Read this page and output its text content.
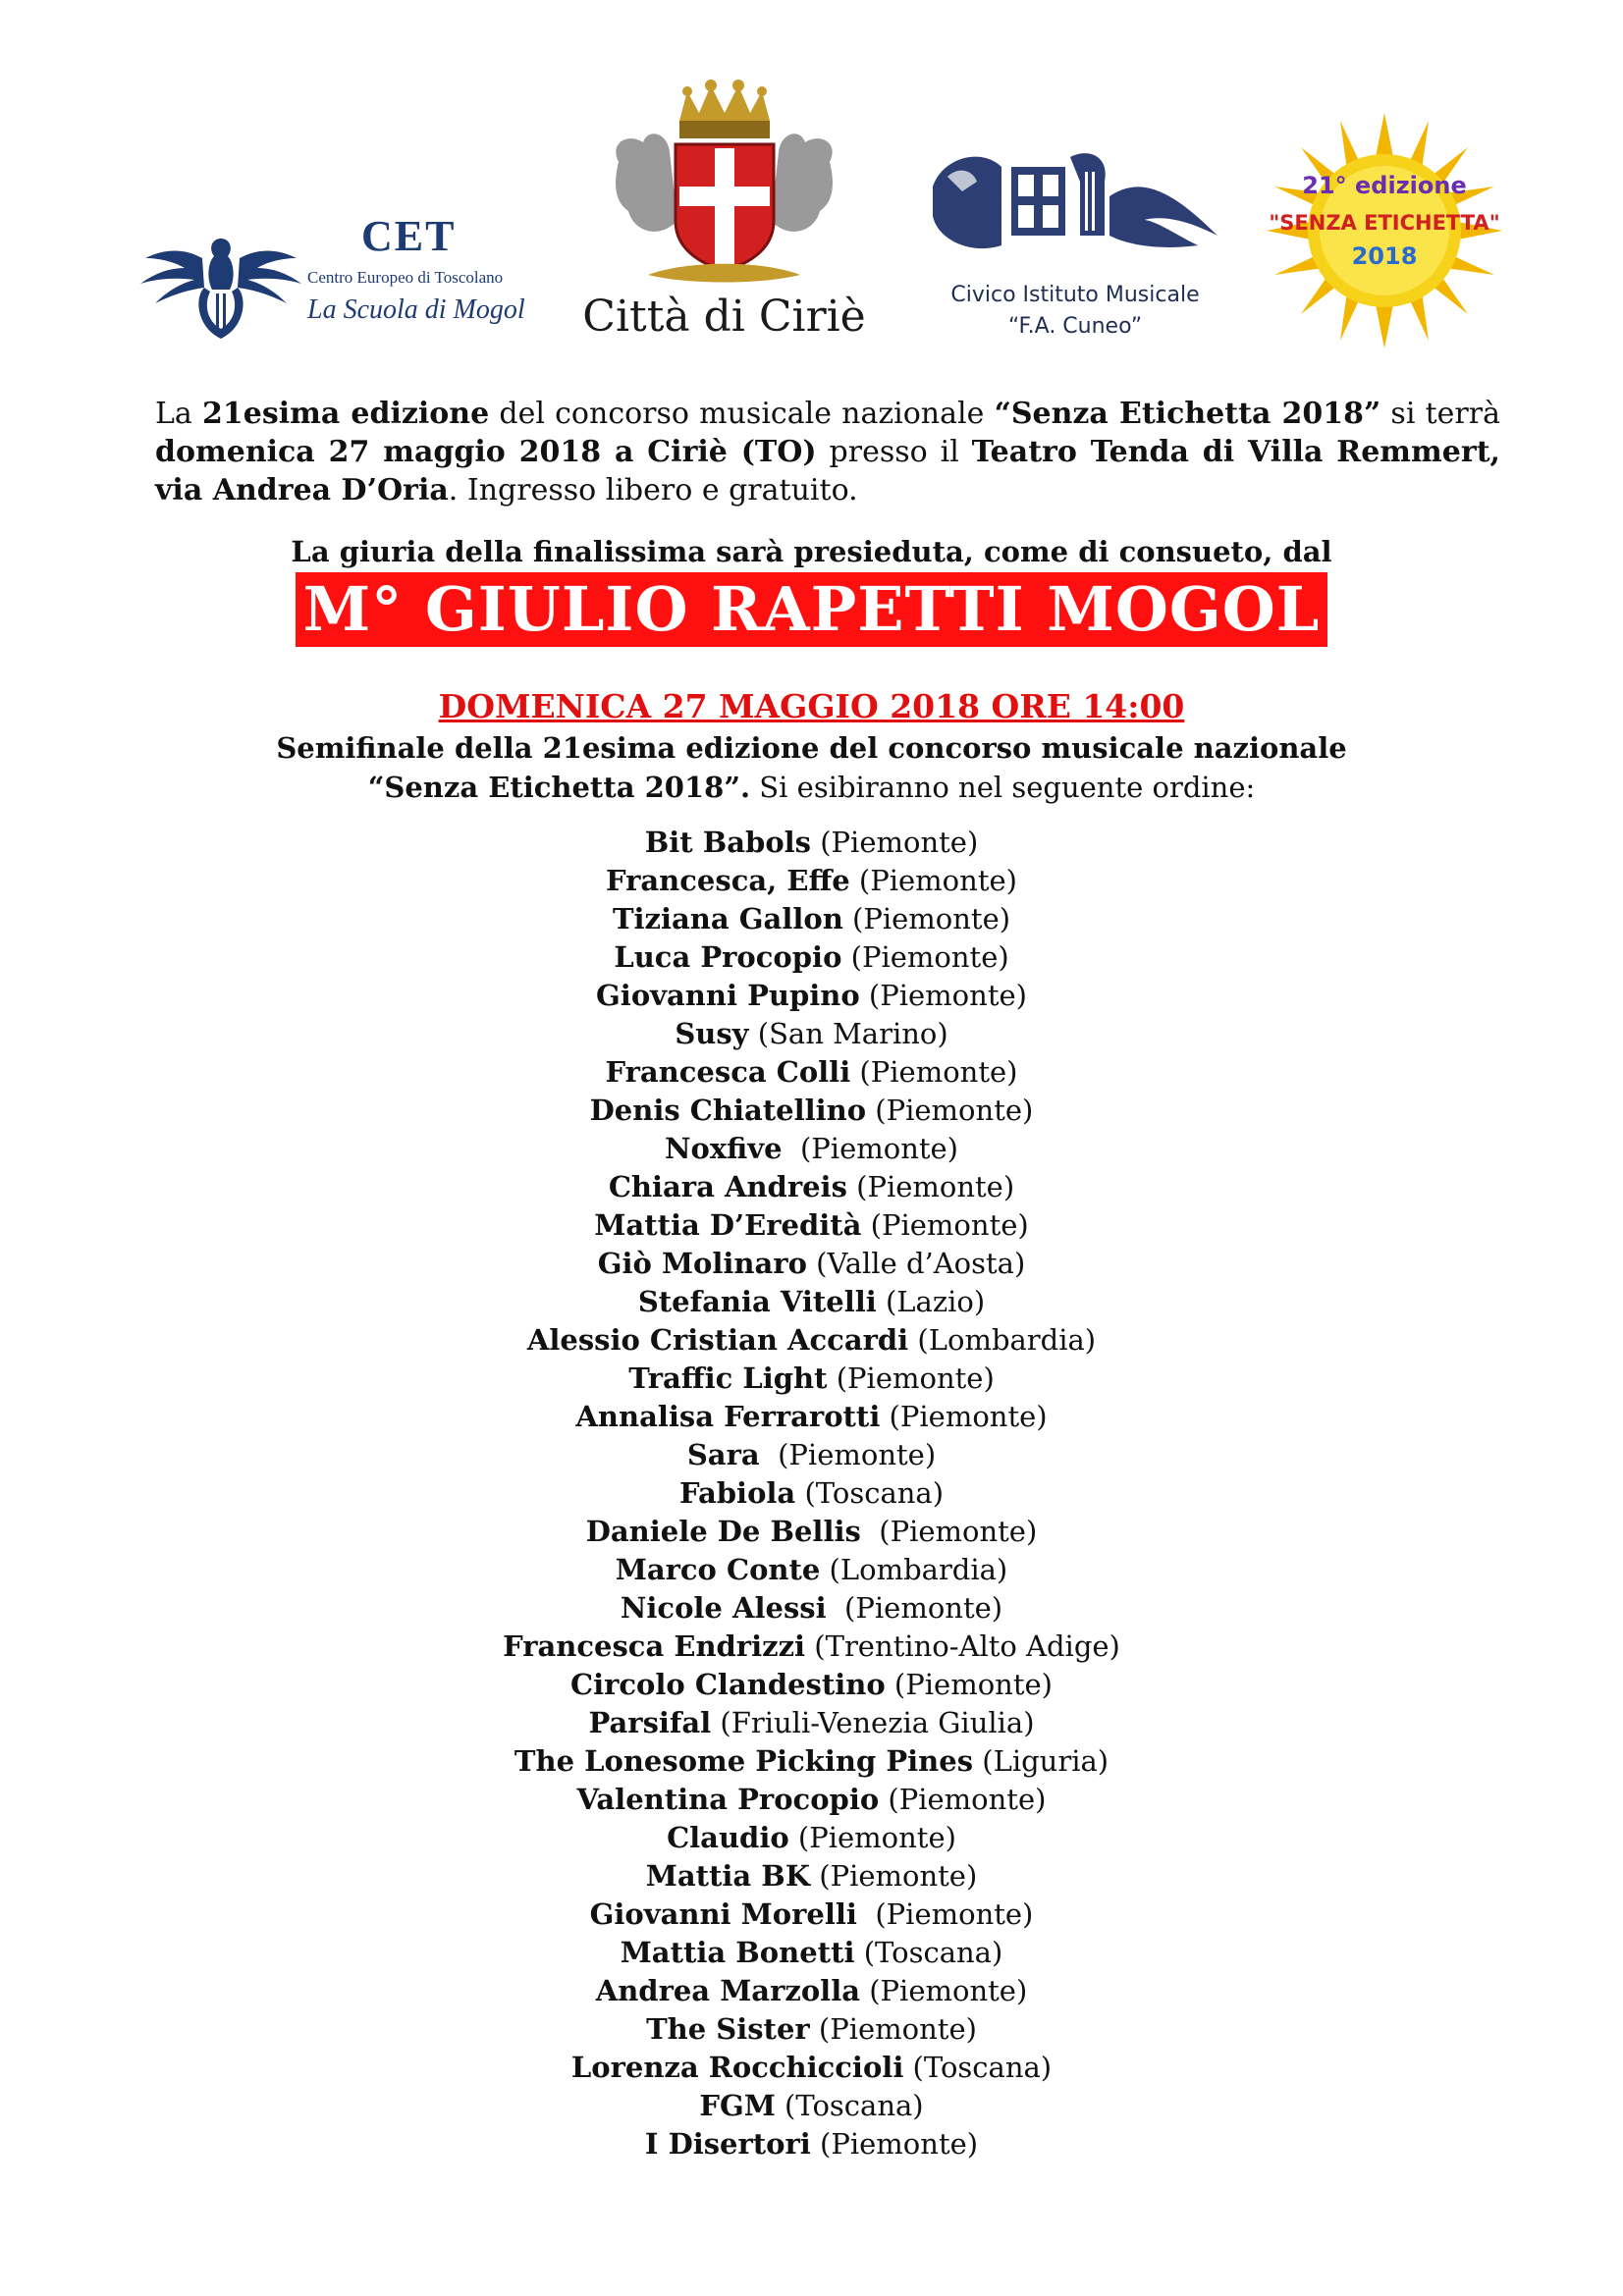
CET
Centro Europeo di Toscolano
La Scuola di Mogol Città di Ciriè	Civico Istituto Musicale
“F.A. Cuneo”
21° edizione
"SENZA ETICHETTA"
2018
La 21esima edizione del concorso musicale nazionale “Senza Etichetta 2018” si terrà domenica 27 maggio 2018 a Ciriè (TO) presso il Teatro Tenda di Villa Remmert, via Andrea D’Oria. Ingresso libero e gratuito.
La giuria della finalissima sarà presieduta, come di consueto, dal
M° GIULIO RAPETTI MOGOL
DOMENICA 27 MAGGIO 2018 ORE 14:00
Semifinale della 21esima edizione del concorso musicale nazionale
“Senza Etichetta 2018”. Si esibiranno nel seguente ordine:
Bit Babols (Piemonte)
Francesca, Effe (Piemonte)
Tiziana Gallon (Piemonte)
Luca Procopio (Piemonte)
Giovanni Pupino (Piemonte)
Susy (San Marino)
Francesca Colli (Piemonte)
Denis Chiatellino (Piemonte)
Noxfive  (Piemonte)
Chiara Andreis (Piemonte)
Mattia D’Eredità (Piemonte)
Giò Molinaro (Valle d’Aosta)
Stefania Vitelli (Lazio)
Alessio Cristian Accardi (Lombardia)
Traffic Light (Piemonte)
Annalisa Ferrarotti (Piemonte)
Sara  (Piemonte)
Fabiola (Toscana)
Daniele De Bellis  (Piemonte)
Marco Conte (Lombardia)
Nicole Alessi  (Piemonte)
Francesca Endrizzi (Trentino-Alto Adige)
Circolo Clandestino (Piemonte)
Parsifal (Friuli-Venezia Giulia)
The Lonesome Picking Pines (Liguria)
Valentina Procopio (Piemonte)
Claudio (Piemonte)
Mattia BK (Piemonte)
Giovanni Morelli  (Piemonte)
Mattia Bonetti (Toscana)
Andrea Marzolla (Piemonte)
The Sister (Piemonte)
Lorenza Rocchiccioli (Toscana)
FGM (Toscana)
I Disertori (Piemonte)
